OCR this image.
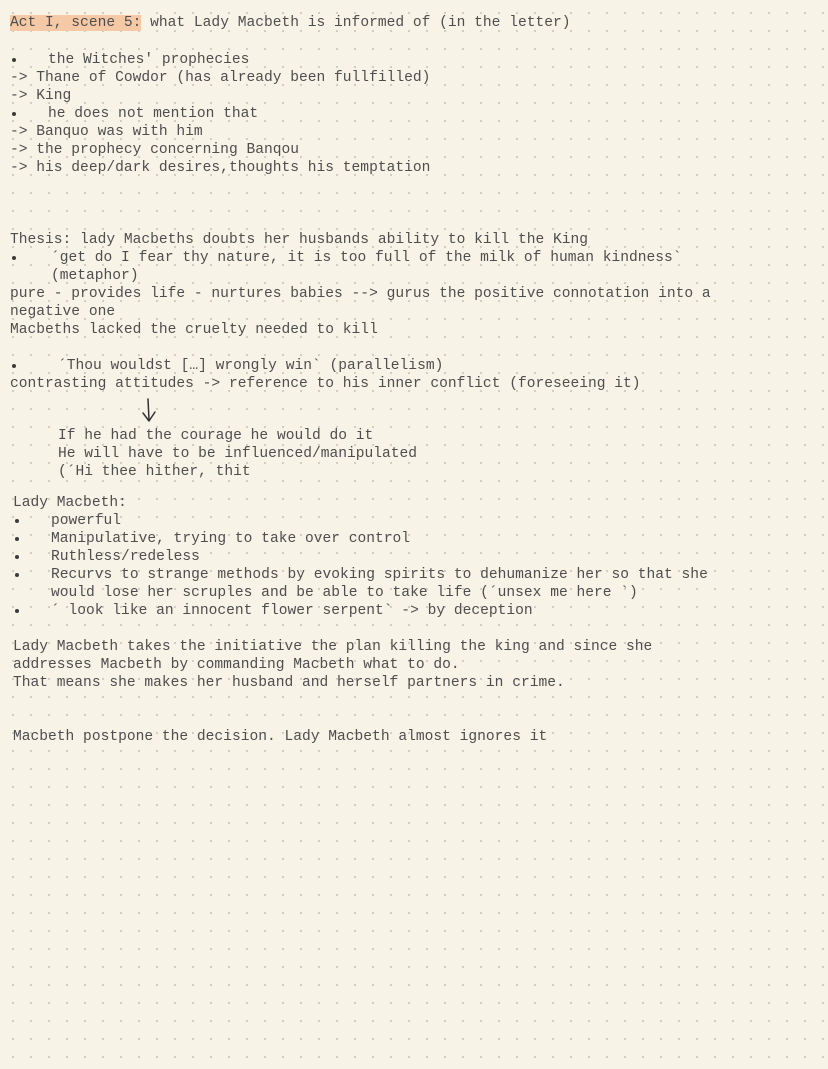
Act I, scene 5: what Lady Macbeth is informed of (in the letter)
the Witches' prophecies
-> Thane of Cowdor (has already been fullfilled)
-> King
he does not mention that
-> Banquo was with him
-> the prophecy concerning Banqou
-> his deep/dark desires,thoughts his temptation
Thesis: lady Macbeths doubts her husbands ability to kill the King
´get do I fear thy nature, it is too full of the milk of human kindness`
(metaphor)
pure - provides life - nurtures babies --> gurus the positive connotation into a
negative one
Macbeths lacked the cruelty needed to kill
´Thou wouldst […] wrongly win` (parallelism)
contrasting attitudes -> reference to his inner conflict (foreseeing it)
If he had the courage he would do it
He will have to be influenced/manipulated
(´Hi thee hither, thit
Lady Macbeth:
powerful
Manipulative, trying to take over control
Ruthless/redeless
Recurvs to strange methods by evoking spirits to dehumanize her so that she
would lose her scruples and be able to take life (´unsex me here `)
´ look like an innocent flower serpent` -> by deception
Lady Macbeth takes the initiative the plan killing the king and since she
addresses Macbeth by commanding Macbeth what to do.
That means she makes her husband and herself partners in crime.
Macbeth postpone the decision. Lady Macbeth almost ignores it
